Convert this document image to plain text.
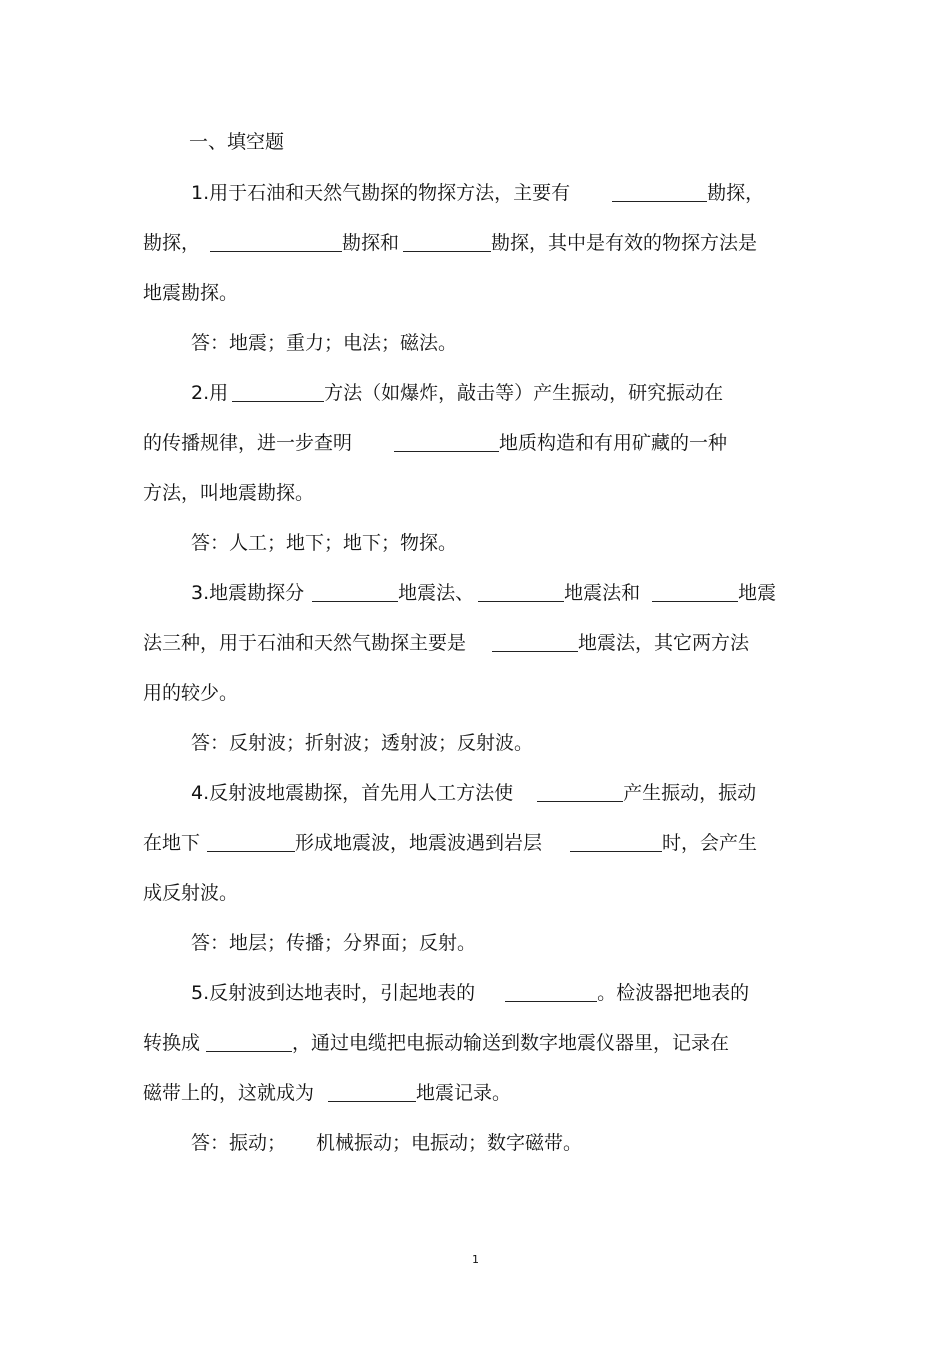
一、填空题
1.用于石油和天然气勘探的物探方法，主要有	勘探，
勘探，	勘探和	勘探，其中是有效的物探方法是
地震勘探。
答：地震；重力；电法；磁法。
2.用	方法（如爆炸，敲击等）产生振动，研究振动在
的传播规律，进一步查明	地质构造和有用矿藏的一种
方法，叫地震勘探。
答：人工；地下；地下；物探。
3.地震勘探分	地震法、	地震法和	地震
法三种，用于石油和天然气勘探主要是	地震法，其它两方法
用的较少。
答：反射波；折射波；透射波；反射波。
4.反射波地震勘探，首先用人工方法使	产生振动，振动
在地下	形成地震波，地震波遇到岩层	时，会产生
成反射波。
答：地层；传播；分界面；反射。
5.反射波到达地表时，引起地表的	。检波器把地表的
转换成	，通过电缆把电振动输送到数字地震仪器里，记录在
磁带上的，这就成为	地震记录。
答：振动； 机械振动；电振动；数字磁带。
1
